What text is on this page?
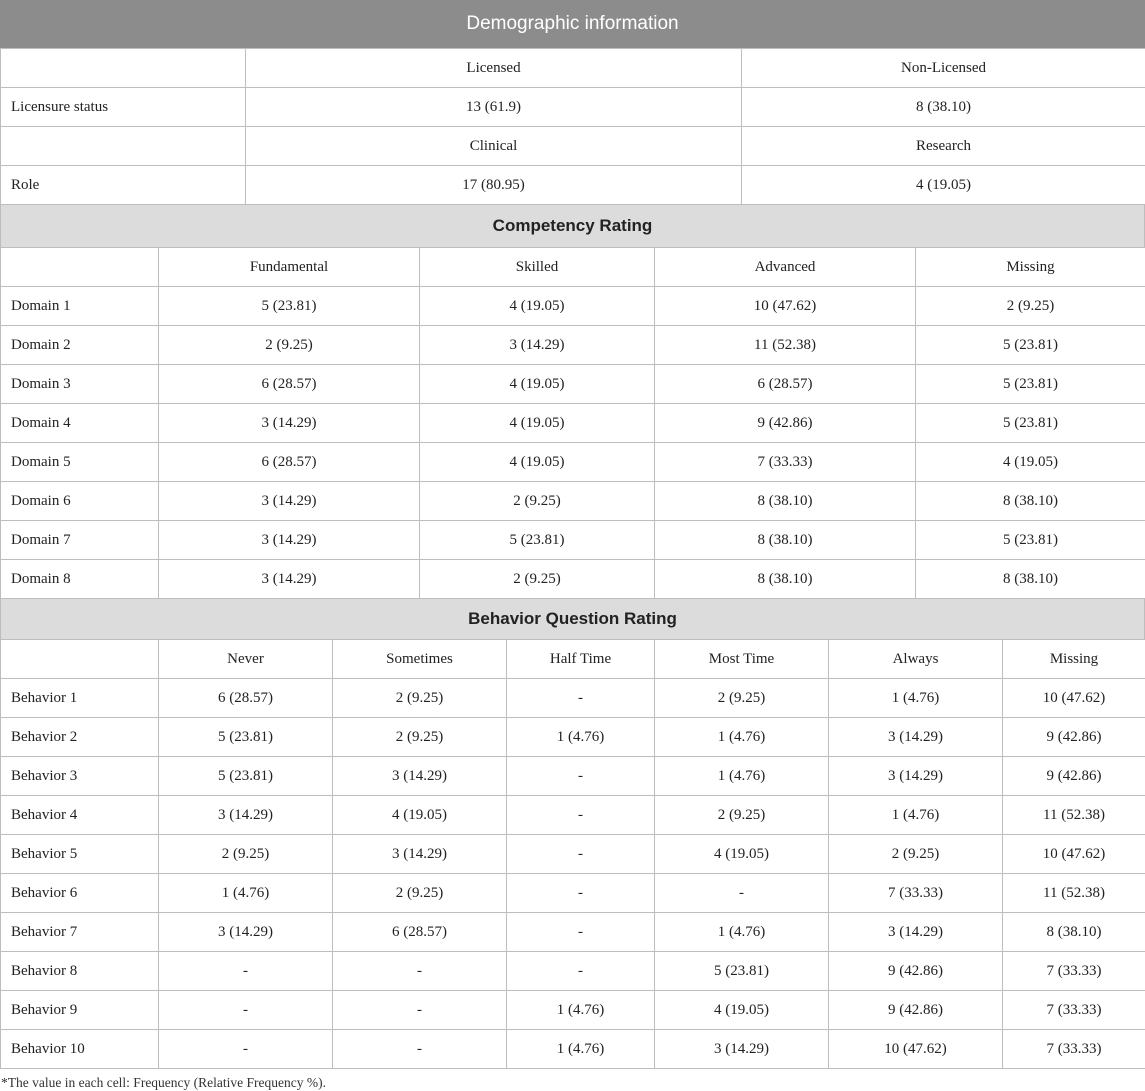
Demographic information
	Licensed	Non-Licensed
Licensure status	13 (61.9)	8 (38.10)
	Clinical	Research
Role	17 (80.95)	4 (19.05)
Competency Rating
	Fundamental	Skilled	Advanced	Missing
Domain 1	5 (23.81)	4 (19.05)	10 (47.62)	2 (9.25)
Domain 2	2 (9.25)	3 (14.29)	11 (52.38)	5 (23.81)
Domain 3	6 (28.57)	4 (19.05)	6 (28.57)	5 (23.81)
Domain 4	3 (14.29)	4 (19.05)	9 (42.86)	5 (23.81)
Domain 5	6 (28.57)	4 (19.05)	7 (33.33)	4 (19.05)
Domain 6	3 (14.29)	2 (9.25)	8 (38.10)	8 (38.10)
Domain 7	3 (14.29)	5 (23.81)	8 (38.10)	5 (23.81)
Domain 8	3 (14.29)	2 (9.25)	8 (38.10)	8 (38.10)
Behavior Question Rating
	Never	Sometimes	Half Time	Most Time	Always	Missing
Behavior 1	6 (28.57)	2 (9.25)	-	2 (9.25)	1 (4.76)	10 (47.62)
Behavior 2	5 (23.81)	2 (9.25)	1 (4.76)	1 (4.76)	3 (14.29)	9 (42.86)
Behavior 3	5 (23.81)	3 (14.29)	-	1 (4.76)	3 (14.29)	9 (42.86)
Behavior 4	3 (14.29)	4 (19.05)	-	2 (9.25)	1 (4.76)	11 (52.38)
Behavior 5	2 (9.25)	3 (14.29)	-	4 (19.05)	2 (9.25)	10 (47.62)
Behavior 6	1 (4.76)	2 (9.25)	-	-	7 (33.33)	11 (52.38)
Behavior 7	3 (14.29)	6 (28.57)	-	1 (4.76)	3 (14.29)	8 (38.10)
Behavior 8	-	-	-	5 (23.81)	9 (42.86)	7 (33.33)
Behavior 9	-	-	1 (4.76)	4 (19.05)	9 (42.86)	7 (33.33)
Behavior 10	-	-	1 (4.76)	3 (14.29)	10 (47.62)	7 (33.33)
*The value in each cell: Frequency (Relative Frequency %).
